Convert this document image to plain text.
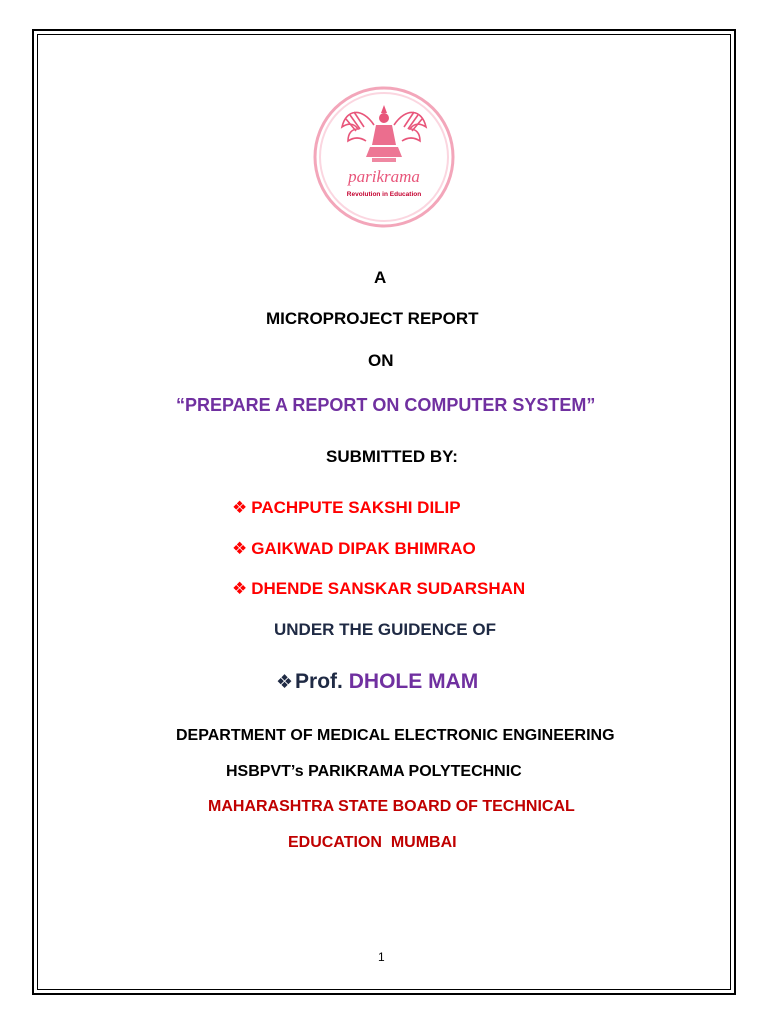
parikrama
Revolution in Education
A
MICROPROJECT REPORT
ON
“PREPARE A REPORT ON COMPUTER SYSTEM”
SUBMITTED BY:
❖ PACHPUTE SAKSHI DILIP
❖ GAIKWAD DIPAK BHIMRAO
❖ DHENDE SANSKAR SUDARSHAN
UNDER THE GUIDENCE OF
❖Prof. DHOLE MAM
DEPARTMENT OF MEDICAL ELECTRONIC ENGINEERING
HSBPVT’s PARIKRAMA POLYTECHNIC
MAHARASHTRA STATE BOARD OF TECHNICAL
EDUCATION  MUMBAI
1
